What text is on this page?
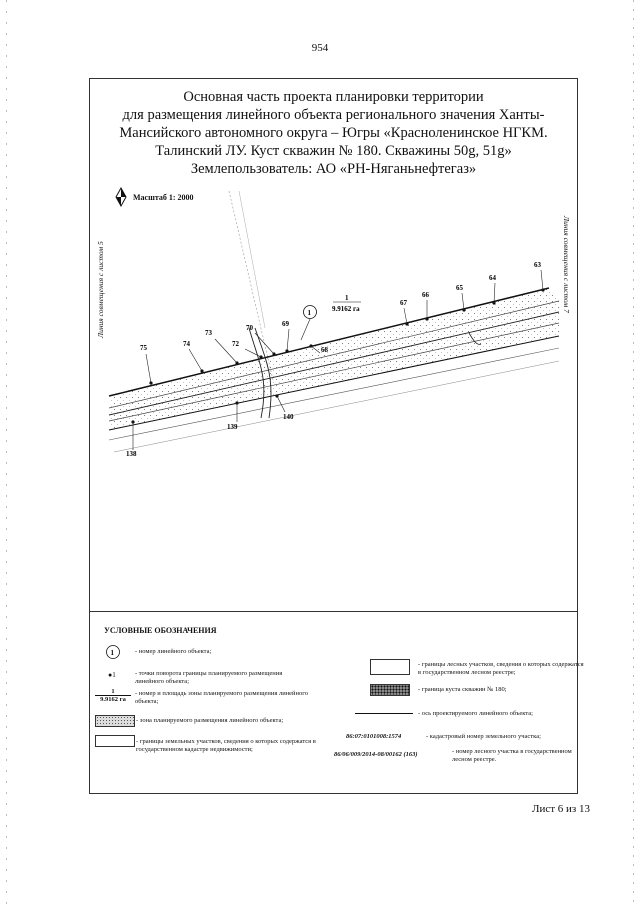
954
Основная часть проекта планировки территории
для размещения линейного объекта регионального значения Ханты-
Мансийского автономного округа – Югры «Красноленинское НГКМ.
Талинский ЛУ. Куст скважин № 180. Скважины 50g, 51g»
Землепользователь: АО «РН-Няганьнефтегаз»
Масштаб 1: 2000
Линия совмещения с листом 5	Линия совмещения с листом 7
75	74
73
72
70	69
68
67
66
65
64
63
138
139
140
1
1
9.9162 га
УСЛОВНЫЕ ОБОЗНАЧЕНИЯ
1	- номер линейного объекта;
●1	- точки поворота границы планируемого размещения линейного объекта;
1
9.9162 га
- номер и площадь зоны планируемого размещения линейного объекта;
- зона планируемого размещения линейного объекта;
- границы земельных участков, сведения о которых содержатся в государственном кадастре недвижимости;
- границы лесных участков, сведения о которых содержатся в государственном лесном реестре;
- граница куста скважин № 180;
- ось проектируемого линейного объекта;
86:07:0101008:1574	- кадастровый номер земельного участка;
86/06/009/2014-08/00162 (163)	- номер лесного участка в государственном лесном реестре.
Лист 6 из 13
